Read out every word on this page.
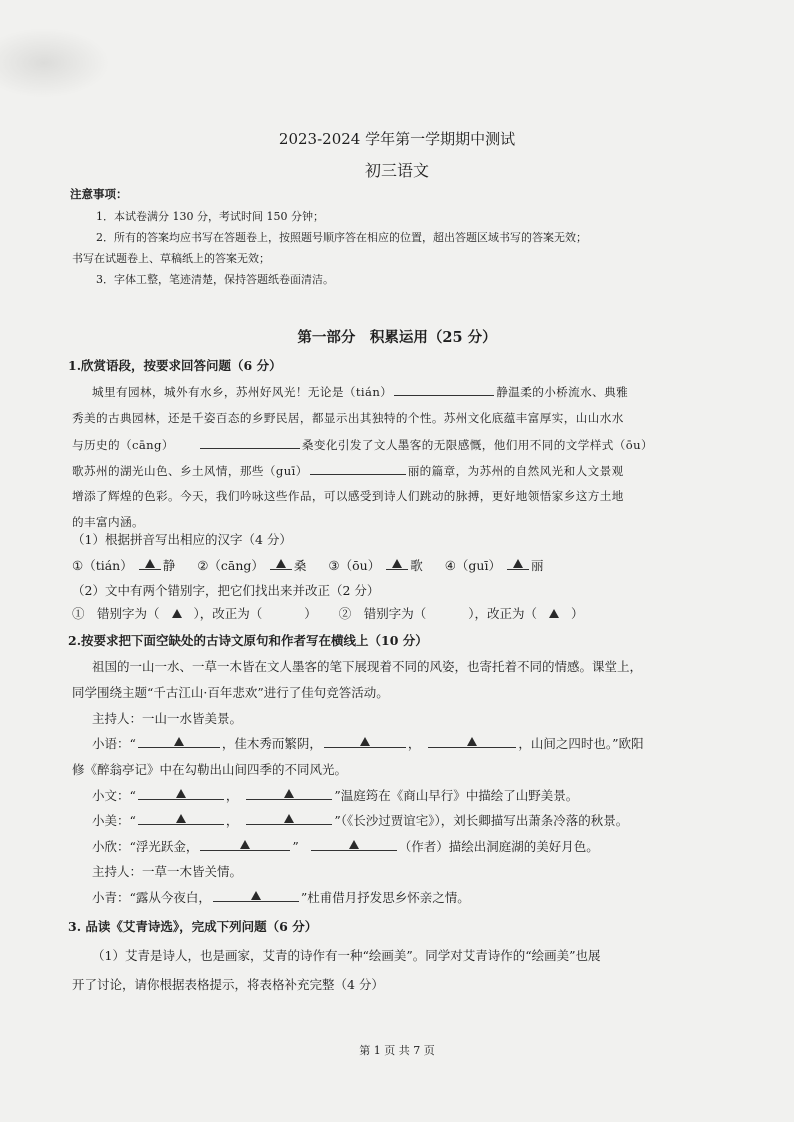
2023-2024 学年第一学期期中测试
初三语文
注意事项：
1．本试卷满分 130 分，考试时间 150 分钟；
2．所有的答案均应书写在答题卷上，按照题号顺序答在相应的位置，超出答题区域书写的答案无效；
书写在试题卷上、草稿纸上的答案无效；
3．字体工整，笔迹清楚，保持答题纸卷面清洁。
第一部分　积累运用（25 分）
1.欣赏语段，按要求回答问题（6 分）
城里有园林，城外有水乡，苏州好风光！无论是（tián）	静温柔的小桥流水、典雅
秀美的古典园林，还是千姿百态的乡野民居，都显示出其独特的个性。苏州文化底蕴丰富厚实，山山水水
与历史的（cāng）	桑变化引发了文人墨客的无限感慨，他们用不同的文学样式（ōu）
歌苏州的湖光山色、乡土风情，那些（guī）	丽的篇章，为苏州的自然风光和人文景观
增添了辉煌的色彩。今天，我们吟咏这些作品，可以感受到诗人们跳动的脉搏，更好地领悟家乡这方土地
的丰富内涵。
（1）根据拼音写出相应的汉字（4 分）
①（tián） 静 ②（cāng） 桑 ③（ōu） 歌 ④（guī） 丽
（2）文中有两个错别字，把它们找出来并改正（2 分）
①　错别字为（	），改正为（	） ②　错别字为（	），改正为（	）
2.按要求把下面空缺处的古诗文原句和作者写在横线上（10 分）
祖国的一山一水、一草一木皆在文人墨客的笔下展现着不同的风姿，也寄托着不同的情感。课堂上，
同学围绕主题“千古江山·百年悲欢”进行了佳句竞答活动。
主持人：一山一水皆美景。
小语：“	，佳木秀而繁阴，	，	，山间之四时也。”欧阳
修《醉翁亭记》中在勾勒出山间四季的不同风光。
小文：“	，	”温庭筠在《商山早行》中描绘了山野美景。
小美：“	，	”（《长沙过贾谊宅》），刘长卿描写出萧条冷落的秋景。
小欣：“浮光跃金，	”	（作者）描绘出洞庭湖的美好月色。
主持人：一草一木皆关情。
小青：“露从今夜白，	”杜甫借月抒发思乡怀亲之情。
3. 品读《艾青诗选》，完成下列问题（6 分）
（1）艾青是诗人，也是画家，艾青的诗作有一种“绘画美”。同学对艾青诗作的“绘画美”也展
开了讨论，请你根据表格提示，将表格补充完整（4 分）
第 1 页 共 7 页
